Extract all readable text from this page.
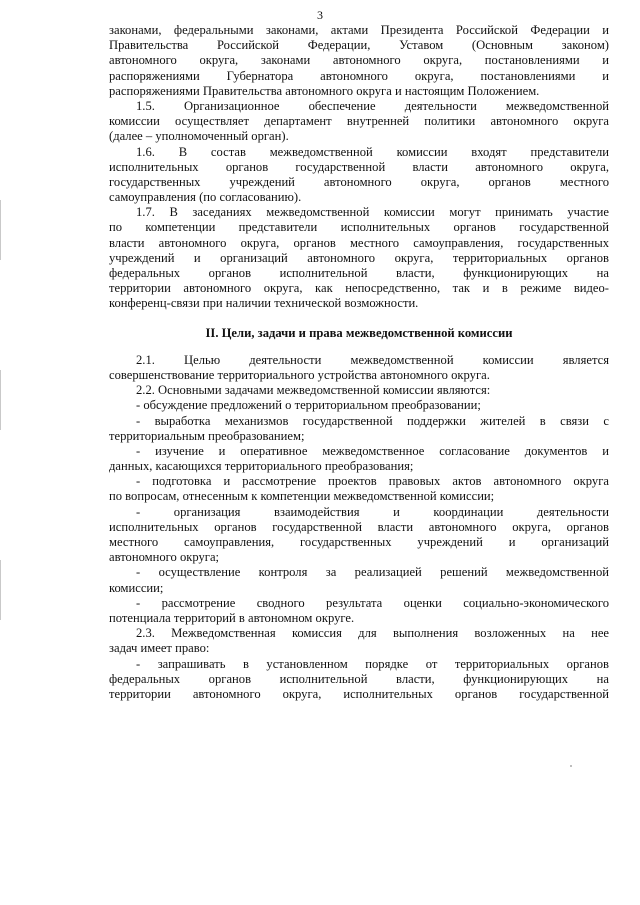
3
законами, федеральными законами, актами Президента Российской Федерации и
Правительства Российской Федерации, Уставом (Основным законом)
автономного округа, законами автономного округа, постановлениями и
распоряжениями Губернатора автономного округа, постановлениями и
распоряжениями Правительства автономного округа и настоящим Положением.
1.5. Организационное обеспечение деятельности межведомственной
комиссии осуществляет департамент внутренней политики автономного округа
(далее – уполномоченный орган).
1.6. В состав межведомственной комиссии входят представители
исполнительных органов государственной власти автономного округа,
государственных учреждений автономного округа, органов местного
самоуправления (по согласованию).
1.7. В заседаниях межведомственной комиссии могут принимать участие
по компетенции представители исполнительных органов государственной
власти автономного округа, органов местного самоуправления, государственных
учреждений и организаций автономного округа, территориальных органов
федеральных органов исполнительной власти, функционирующих на
территории автономного округа, как непосредственно, так и в режиме видео-
конференц-связи при наличии технической возможности.
II. Цели, задачи и права межведомственной комиссии
2.1. Целью деятельности межведомственной комиссии является
совершенствование территориального устройства автономного округа.
2.2. Основными задачами межведомственной комиссии являются:
- обсуждение предложений о территориальном преобразовании;
- выработка механизмов государственной поддержки жителей в связи с
территориальным преобразованием;
- изучение и оперативное межведомственное согласование документов и
данных, касающихся территориального преобразования;
- подготовка и рассмотрение проектов правовых актов автономного округа
по вопросам, отнесенным к компетенции межведомственной комиссии;
- организация взаимодействия и координации деятельности
исполнительных органов государственной власти автономного округа, органов
местного самоуправления, государственных учреждений и организаций
автономного округа;
- осуществление контроля за реализацией решений межведомственной
комиссии;
- рассмотрение сводного результата оценки социально-экономического
потенциала территорий в автономном округе.
2.3. Межведомственная комиссия для выполнения возложенных на нее
задач имеет право:
- запрашивать в установленном порядке от территориальных органов
федеральных органов исполнительной власти, функционирующих на
территории автономного округа, исполнительных органов государственной
